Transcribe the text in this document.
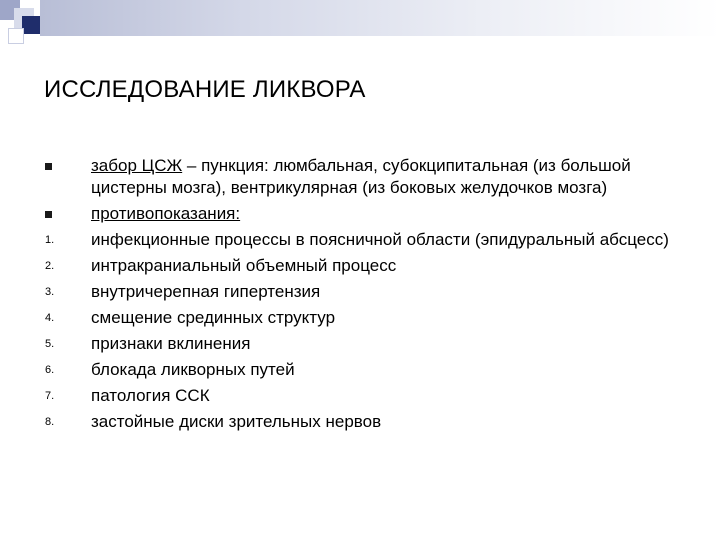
ИССЛЕДОВАНИЕ ЛИКВОРА
забор ЦСЖ – пункция: люмбальная, субокципитальная (из большой цистерны мозга), вентрикулярная (из боковых желудочков мозга)
противопоказания:
1.	инфекционные процессы в поясничной области (эпидуральный абсцесс)
2.	интракраниальный объемный процесс
3.	внутричерепная гипертензия
4.	смещение срединных структур
5.	признаки вклинения
6.	блокада ликворных путей
7.	патология ССК
8.	застойные диски зрительных нервов
